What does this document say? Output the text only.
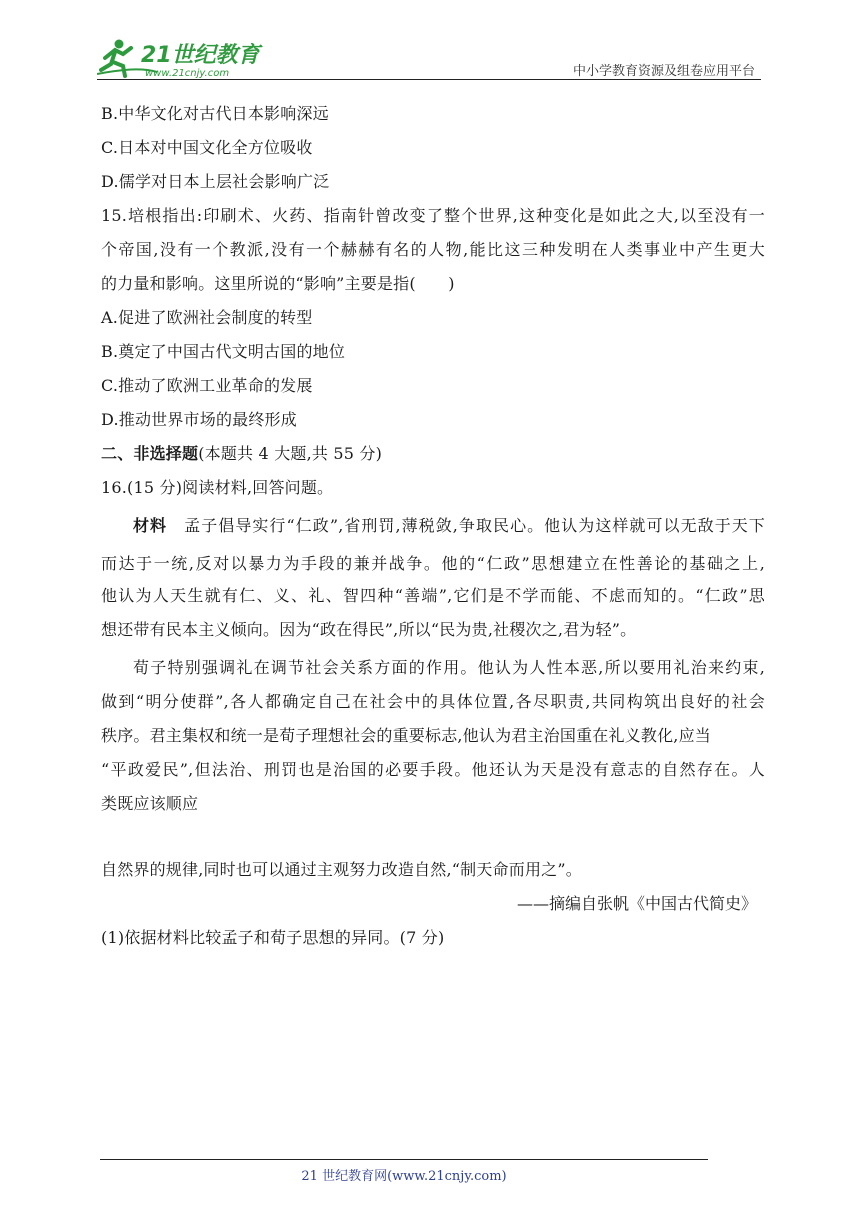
21世纪教育
www.21cnjy.com	中小学教育资源及组卷应用平台
B.中华文化对古代日本影响深远
C.日本对中国文化全方位吸收
D.儒学对日本上层社会影响广泛
15.培根指出:印刷术、火药、指南针曾改变了整个世界,这种变化是如此之大,以至没有一
个帝国,没有一个教派,没有一个赫赫有名的人物,能比这三种发明在人类事业中产生更大
的力量和影响。这里所说的“影响”主要是指(　　)
A.促进了欧洲社会制度的转型
B.奠定了中国古代文明古国的地位
C.推动了欧洲工业革命的发展
D.推动世界市场的最终形成
二、非选择题(本题共 4 大题,共 55 分)
16.(15 分)阅读材料,回答问题。
材料　 孟子倡导实行“仁政”,省刑罚,薄税敛,争取民心。他认为这样就可以无敌于天下
而达于一统,反对以暴力为手段的兼并战争。他的“仁政”思想建立在性善论的基础之上,
他认为人天生就有仁、义、礼、智四种“善端”,它们是不学而能、不虑而知的。“仁政”思
想还带有民本主义倾向。因为“政在得民”,所以“民为贵,社稷次之,君为轻”。
荀子特别强调礼在调节社会关系方面的作用。他认为人性本恶,所以要用礼治来约束,
做到“明分使群”,各人都确定自己在社会中的具体位置,各尽职责,共同构筑出良好的社会
秩序。君主集权和统一是荀子理想社会的重要标志,他认为君主治国重在礼义教化,应当
“平政爱民”,但法治、刑罚也是治国的必要手段。他还认为天是没有意志的自然存在。人
类既应该顺应
自然界的规律,同时也可以通过主观努力改造自然,“制天命而用之”。
——摘编自张帆《中国古代简史》
(1)依据材料比较孟子和荀子思想的异同。(7 分)
21 世纪教育网(www.21cnjy.com)
